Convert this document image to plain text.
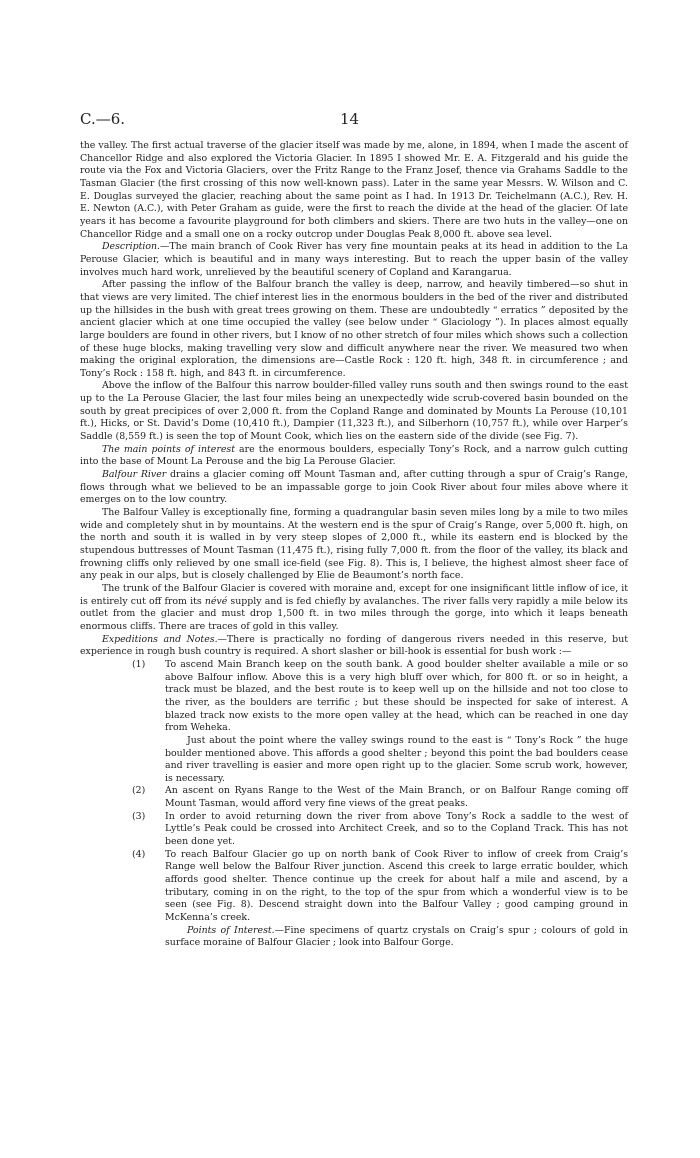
C.—6.	14

the valley. The first actual traverse of the glacier itself was made by me, alone, in 1894, when I made the ascent of Chancellor Ridge and also explored the Victoria Glacier. In 1895 I showed Mr. E. A. Fitzgerald and his guide the route via the Fox and Victoria Glaciers, over the Fritz Range to the Franz Josef, thence via Grahams Saddle to the Tasman Glacier (the first crossing of this now well-known pass). Later in the same year Messrs. W. Wilson and C. E. Douglas surveyed the glacier, reaching about the same point as I had. In 1913 Dr. Teichelmann (A.C.), Rev. H. E. Newton (A.C.), with Peter Graham as guide, were the first to reach the divide at the head of the glacier. Of late years it has become a favourite playground for both climbers and skiers. There are two huts in the valley—one on Chancellor Ridge and a small one on a rocky outcrop under Douglas Peak 8,000 ft. above sea level.

Description.—The main branch of Cook River has very fine mountain peaks at its head in addition to the La Perouse Glacier, which is beautiful and in many ways interesting. But to reach the upper basin of the valley involves much hard work, unrelieved by the beautiful scenery of Copland and Karangarua.

After passing the inflow of the Balfour branch the valley is deep, narrow, and heavily timbered—so shut in that views are very limited. The chief interest lies in the enormous boulders in the bed of the river and distributed up the hillsides in the bush with great trees growing on them. These are undoubtedly “ erratics ” deposited by the ancient glacier which at one time occupied the valley (see below under “ Glaciology ”). In places almost equally large boulders are found in other rivers, but I know of no other stretch of four miles which shows such a collection of these huge blocks, making travelling very slow and difficult anywhere near the river. We measured two when making the original exploration, the dimensions are—Castle Rock : 120 ft. high, 348 ft. in circumference ; and Tony’s Rock : 158 ft. high, and 843 ft. in circumference.

Above the inflow of the Balfour this narrow boulder-filled valley runs south and then swings round to the east up to the La Perouse Glacier, the last four miles being an unexpectedly wide scrub-covered basin bounded on the south by great precipices of over 2,000 ft. from the Copland Range and dominated by Mounts La Perouse (10,101 ft.), Hicks, or St. David’s Dome (10,410 ft.), Dampier (11,323 ft.), and Silberhorn (10,757 ft.), while over Harper’s Saddle (8,559 ft.) is seen the top of Mount Cook, which lies on the eastern side of the divide (see Fig. 7).

The main points of interest are the enormous boulders, especially Tony’s Rock, and a narrow gulch cutting into the base of Mount La Perouse and the big La Perouse Glacier.

Balfour River drains a glacier coming off Mount Tasman and, after cutting through a spur of Craig’s Range, flows through what we believed to be an impassable gorge to join Cook River about four miles above where it emerges on to the low country.

The Balfour Valley is exceptionally fine, forming a quadrangular basin seven miles long by a mile to two miles wide and completely shut in by mountains. At the western end is the spur of Craig’s Range, over 5,000 ft. high, on the north and south it is walled in by very steep slopes of 2,000 ft., while its eastern end is blocked by the stupendous buttresses of Mount Tasman (11,475 ft.), rising fully 7,000 ft. from the floor of the valley, its black and frowning cliffs only relieved by one small ice-field (see Fig. 8). This is, I believe, the highest almost sheer face of any peak in our alps, but is closely challenged by Elie de Beaumont’s north face.

The trunk of the Balfour Glacier is covered with moraine and, except for one insignificant little inflow of ice, it is entirely cut off from its névé supply and is fed chiefly by avalanches. The river falls very rapidly a mile below its outlet from the glacier and must drop 1,500 ft. in two miles through the gorge, into which it leaps beneath enormous cliffs. There are traces of gold in this valley.

Expeditions and Notes.—There is practically no fording of dangerous rivers needed in this reserve, but experience in rough bush country is required. A short slasher or bill-hook is essential for bush work :—

(1) To ascend Main Branch keep on the south bank. A good boulder shelter available a mile or so above Balfour inflow. Above this is a very high bluff over which, for 800 ft. or so in height, a track must be blazed, and the best route is to keep well up on the hillside and not too close to the river, as the boulders are terrific ; but these should be inspected for sake of interest. A blazed track now exists to the more open valley at the head, which can be reached in one day from Weheka.

Just about the point where the valley swings round to the east is “ Tony’s Rock ” the huge boulder mentioned above. This affords a good shelter ; beyond this point the bad boulders cease and river travelling is easier and more open right up to the glacier. Some scrub work, however, is necessary.

(2) An ascent on Ryans Range to the West of the Main Branch, or on Balfour Range coming off Mount Tasman, would afford very fine views of the great peaks.

(3) In order to avoid returning down the river from above Tony’s Rock a saddle to the west of Lyttle’s Peak could be crossed into Architect Creek, and so to the Copland Track. This has not been done yet.

(4) To reach Balfour Glacier go up on north bank of Cook River to inflow of creek from Craig’s Range well below the Balfour River junction. Ascend this creek to large erratic boulder, which affords good shelter. Thence continue up the creek for about half a mile and ascend, by a tributary, coming in on the right, to the top of the spur from which a wonderful view is to be seen (see Fig. 8). Descend straight down into the Balfour Valley ; good camping ground in McKenna’s creek.

Points of Interest.—Fine specimens of quartz crystals on Craig’s spur ; colours of gold in surface moraine of Balfour Glacier ; look into Balfour Gorge.
